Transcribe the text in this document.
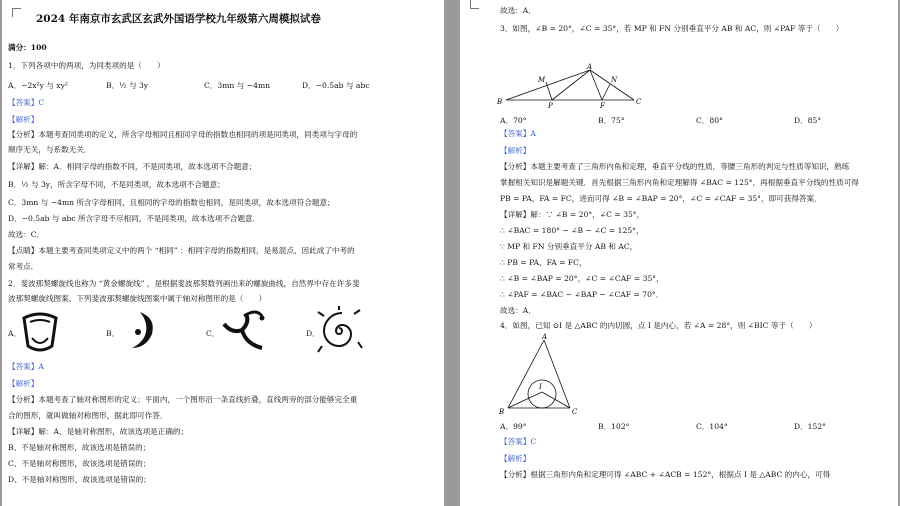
2024 年南京市玄武区玄武外国语学校九年级第六周模拟试卷
满分：100
1．下列各项中的两项，为同类项的是（　　）
A．−2x²y 与 xy²	B．½ 与 3y	C．3mn 与 −4mn	D．−0.5ab 与 abc
【答案】C
【解析】
【分析】本题考查同类项的定义，所含字母相同且相同字母的指数也相同的项是同类项，同类项与字母的
顺序无关，与系数无关．
【详解】解：A．相同字母的指数不同，不是同类项，故本选项不合题意；
B．½ 与 3y，所含字母不同，不是同类项，故本选项不合题意；
C．3mn 与 −4mn 所含字母相同，且相同的字母的指数也相同，是同类项，故本选项符合题意；
D．−0.5ab 与 abc 所含字母不尽相同，不是同类项，故本选项不合题意．
故选：C．
【点睛】本题主要考查同类项定义中的两个 “相同” ：相同字母的指数相同，是易混点，因此成了中考的
常考点．
2．斐波那契螺旋线也称为 “黄金螺旋线” ，是根据斐波那契数列画出来的螺旋曲线，自然界中存在许多斐
波那契螺旋线图案，下列斐波那契螺旋线图案中属于轴对称图形的是（　　）
A．	B．	C．	D．
【答案】A
【解析】
【分析】本题考查了轴对称图形的定义；平面内，一个图形沿一条直线折叠，直线两旁的部分能够完全重
合的图形，就叫做轴对称图形，据此即可作答．
【详解】解：A、是轴对称图形，故该选项是正确的；
B、不是轴对称图形，故该选项是错误的；
C、不是轴对称图形，故该选项是错误的；
D、不是轴对称图形，故该选项是错误的；
故选：A．
3．如图，∠B = 20°，∠C = 35°，若 MP 和 FN 分别垂直平分 AB 和 AC，则 ∠PAF 等于（　　）
B
A
M	N
P	F	C
A．70°	B．75°	C．80°	D．85°
【答案】A
【解析】
【分析】本题主要考查了三角形内角和定理，垂直平分线的性质，等腰三角形的判定与性质等知识，熟练
掌握相关知识是解题关键．首先根据三角形内角和定理解得 ∠BAC = 125°，再根据垂直平分线的性质可得
PB = PA，FA = FC，进而可得 ∠B = ∠BAP = 20°，∠C = ∠CAF = 35°，即可获得答案．
【详解】解：∵ ∠B = 20°，∠C = 35°，
∴ ∠BAC = 180° − ∠B − ∠C = 125°，
∵ MP 和 FN 分别垂直平分 AB 和 AC，
∴ PB = PA，FA = FC，
∴ ∠B = ∠BAP = 20°，∠C = ∠CAF = 35°，
∴ ∠PAF = ∠BAC − ∠BAP − ∠CAF = 70°．
故选：A．
4．如图，已知 ⊙I 是 △ABC 的内切圆，点 I 是内心，若 ∠A = 28°，则 ∠BIC 等于（　　）
A
I
B	C
A．99°	B．102°	C．104°	D．152°
【答案】C
【解析】
【分析】根据三角形内角和定理可得 ∠ABC + ∠ACB = 152°，根据点 I 是 △ABC 的内心，可得
